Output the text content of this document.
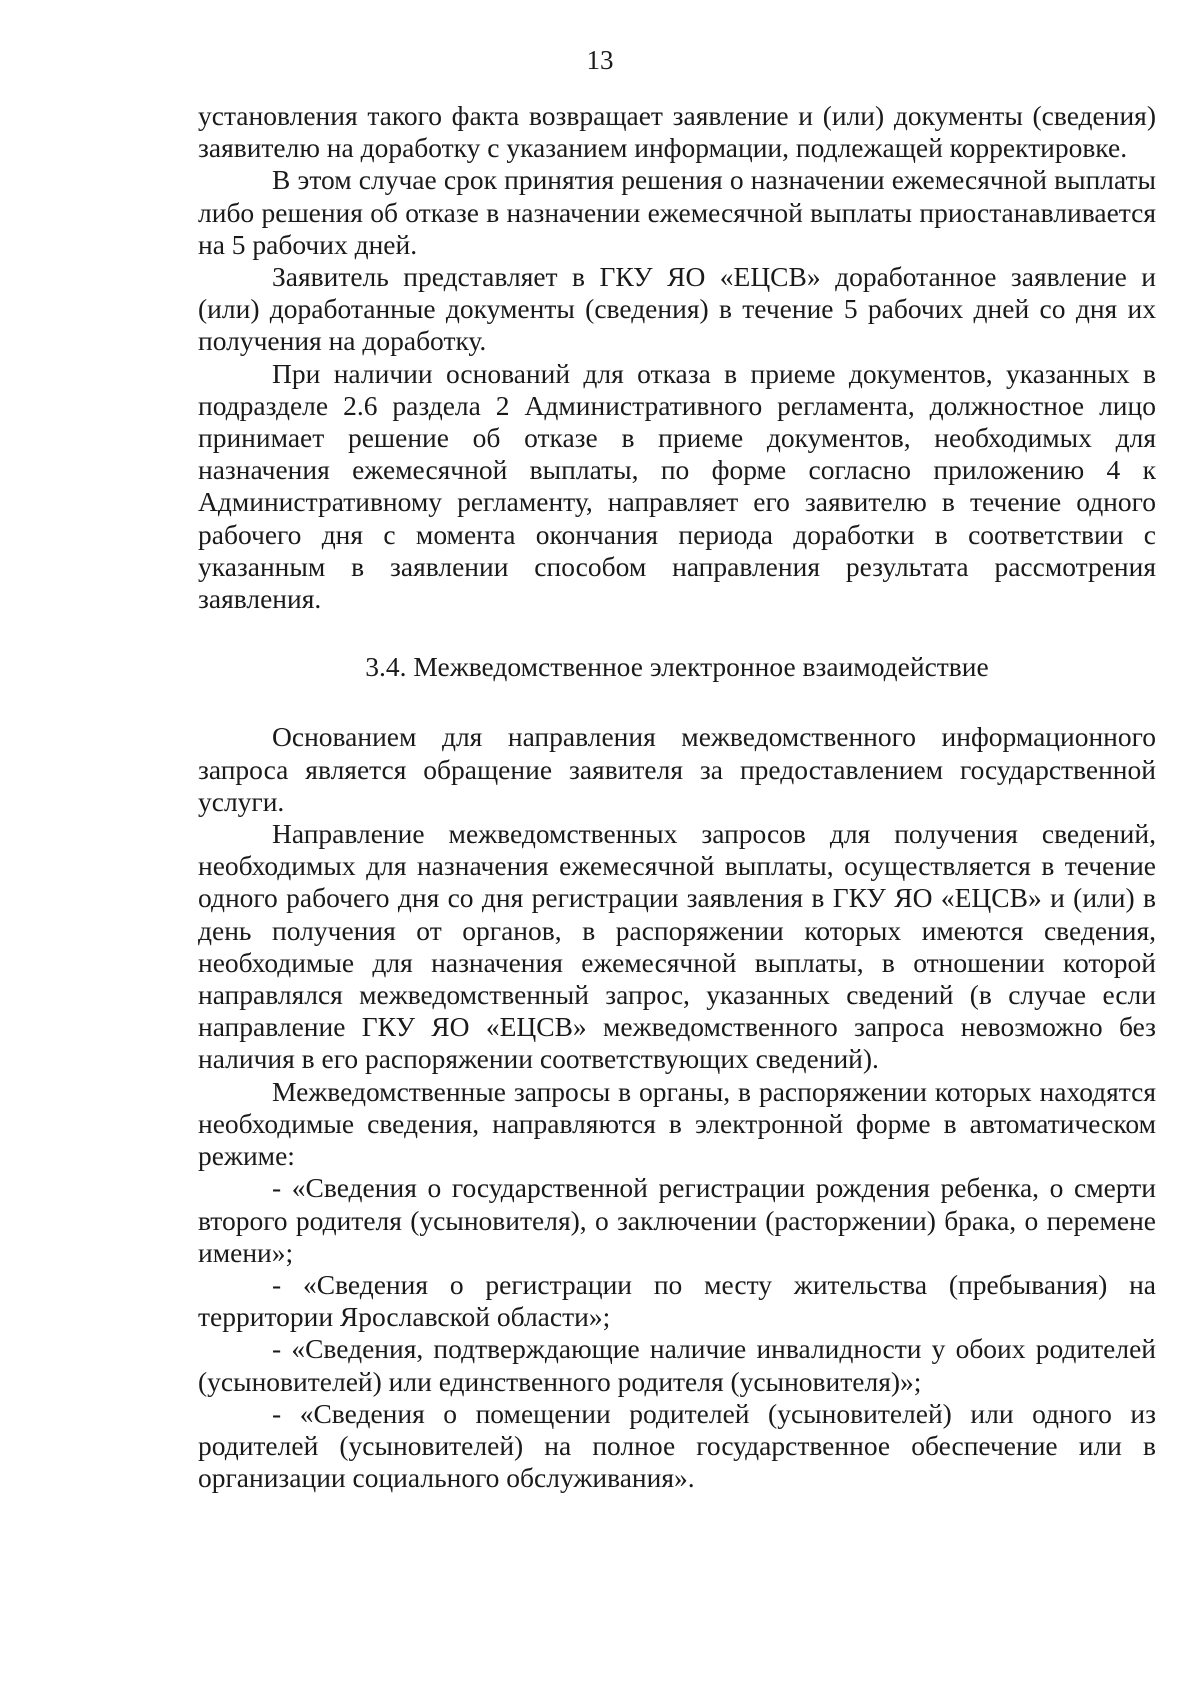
13

установления такого факта возвращает заявление и (или) документы (сведения) заявителю на доработку с указанием информации, подлежащей корректировке.

В этом случае срок принятия решения о назначении ежемесячной выплаты либо решения об отказе в назначении ежемесячной выплаты приостанавливается на 5 рабочих дней.

Заявитель представляет в ГКУ ЯО «ЕЦСВ» доработанное заявление и (или) доработанные документы (сведения) в течение 5 рабочих дней со дня их получения на доработку.

При наличии оснований для отказа в приеме документов, указанных в подразделе 2.6 раздела 2 Административного регламента, должностное лицо принимает решение об отказе в приеме документов, необходимых для назначения ежемесячной выплаты, по форме согласно приложению 4 к Административному регламенту, направляет его заявителю в течение одного рабочего дня с момента окончания периода доработки в соответствии с указанным в заявлении способом направления результата рассмотрения заявления.

3.4. Межведомственное электронное взаимодействие

Основанием для направления межведомственного информационного запроса является обращение заявителя за предоставлением государственной услуги.

Направление межведомственных запросов для получения сведений, необходимых для назначения ежемесячной выплаты, осуществляется в течение одного рабочего дня со дня регистрации заявления в ГКУ ЯО «ЕЦСВ» и (или) в день получения от органов, в распоряжении которых имеются сведения, необходимые для назначения ежемесячной выплаты, в отношении которой направлялся межведомственный запрос, указанных сведений (в случае если направление ГКУ ЯО «ЕЦСВ» межведомственного запроса невозможно без наличия в его распоряжении соответствующих сведений).

Межведомственные запросы в органы, в распоряжении которых находятся необходимые сведения, направляются в электронной форме в автоматическом режиме:

- «Сведения о государственной регистрации рождения ребенка, о смерти второго родителя (усыновителя), о заключении (расторжении) брака, о перемене имени»;

- «Сведения о регистрации по месту жительства (пребывания) на территории Ярославской области»;

- «Сведения, подтверждающие наличие инвалидности у обоих родителей (усыновителей) или единственного родителя (усыновителя)»;

- «Сведения о помещении родителей (усыновителей) или одного из родителей (усыновителей) на полное государственное обеспечение или в организации социального обслуживания».
